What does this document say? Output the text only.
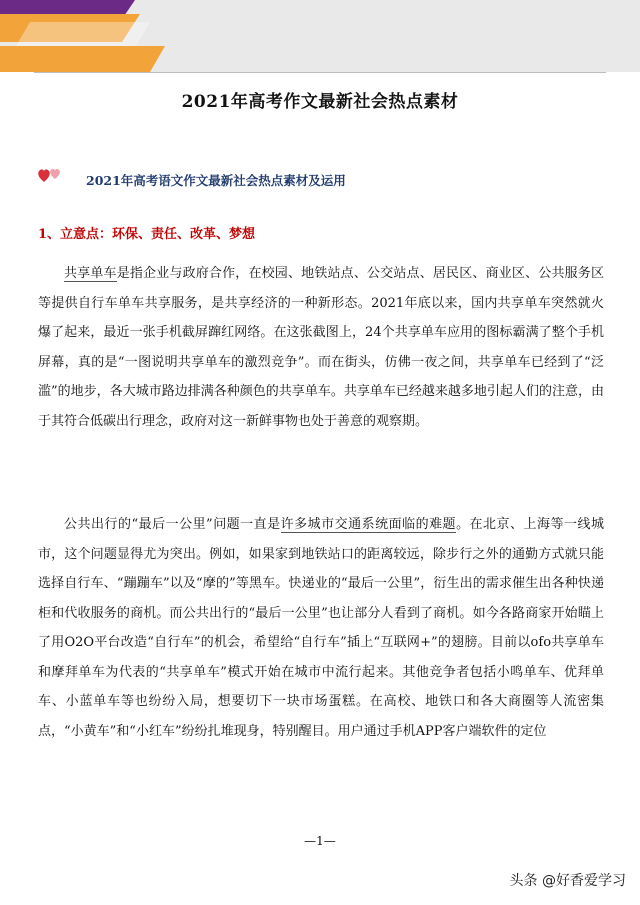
2021年高考作文最新社会热点素材
2021年高考语文作文最新社会热点素材及运用
1、立意点：环保、责任、改革、梦想

共享单车是指企业与政府合作，在校园、地铁站点、公交站点、居民区、商业区、公共服务区等提供自行车单车共享服务，是共享经济的一种新形态。2021年底以来，国内共享单车突然就火爆了起来，最近一张手机截屏蹿红网络。在这张截图上，24个共享单车应用的图标霸满了整个手机屏幕，真的是“一图说明共享单车的激烈竞争”。而在街头，仿佛一夜之间，共享单车已经到了“泛滥”的地步，各大城市路边排满各种颜色的共享单车。共享单车已经越来越多地引起人们的注意，由于其符合低碳出行理念，政府对这一新鲜事物也处于善意的观察期。

公共出行的“最后一公里”问题一直是许多城市交通系统面临的难题。在北京、上海等一线城市，这个问题显得尤为突出。例如，如果家到地铁站口的距离较远，除步行之外的通勤方式就只能选择自行车、“蹦蹦车”以及“摩的”等黑车。快递业的“最后一公里”，衍生出的需求催生出各种快递柜和代收服务的商机。而公共出行的“最后一公里”也让部分人看到了商机。如今各路商家开始瞄上了用O2O平台改造“自行车”的机会，希望给“自行车”插上“互联网+”的翅膀。目前以ofo共享单车和摩拜单车为代表的“共享单车”模式开始在城市中流行起来。其他竞争者包括小鸣单车、优拜单车、小蓝单车等也纷纷入局，想要切下一块市场蛋糕。在高校、地铁口和各大商圈等人流密集点，“小黄车”和“小红车”纷纷扎堆现身，特别醒目。用户通过手机APP客户端软件的定位

—1—
头条 @好香爱学习
